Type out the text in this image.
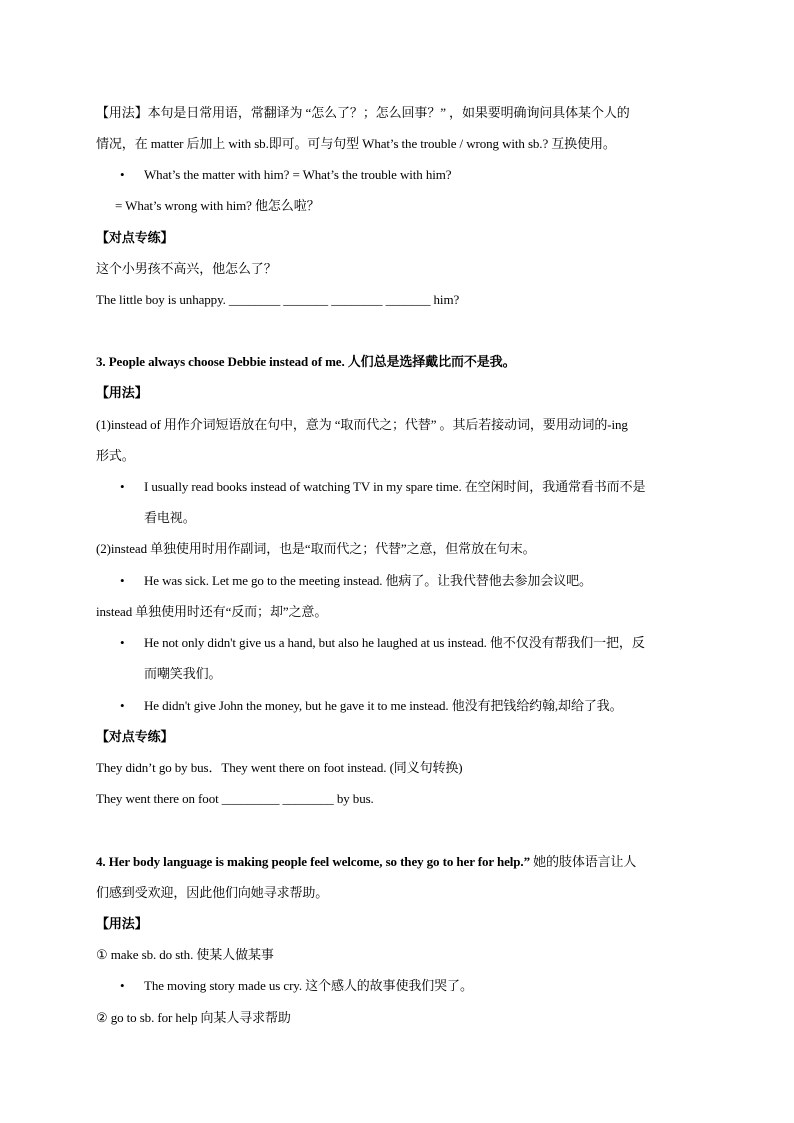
【用法】本句是日常用语，常翻译为 “怎么了？；怎么回事？” ，如果要明确询问具体某个人的
情况，在 matter 后加上 with sb.即可。可与句型 What’s the trouble / wrong with sb.? 互换使用。
• What’s the matter with him? = What’s the trouble with him?
= What’s wrong with him? 他怎么啦？
【对点专练】
这个小男孩不高兴，他怎么了？
The little boy is unhappy. ________ _______ ________ _______ him?
3. People always choose Debbie instead of me. 人们总是选择戴比而不是我。
【用法】
(1)instead of 用作介词短语放在句中，意为 “取而代之；代替” 。其后若接动词，要用动词的-ing
形式。
• I usually read books instead of watching TV in my spare time. 在空闲时间，我通常看书而不是
看电视。
(2)instead 单独使用时用作副词，也是“取而代之；代替”之意，但常放在句末。
• He was sick. Let me go to the meeting instead. 他病了。让我代替他去参加会议吧。
instead 单独使用时还有“反而；却”之意。
• He not only didn't give us a hand, but also he laughed at us instead. 他不仅没有帮我们一把，反
而嘲笑我们。
• He didn't give John the money, but he gave it to me instead. 他没有把钱给约翰,却给了我。
【对点专练】
They didn’t go by bus．They went there on foot instead. (同义句转换)
They went there on foot _________ ________ by bus.
4. Her body language is making people feel welcome, so they go to her for help.” 她的肢体语言让人
们感到受欢迎，因此他们向她寻求帮助。
【用法】
① make sb. do sth. 使某人做某事
• The moving story made us cry. 这个感人的故事使我们哭了。
② go to sb. for help 向某人寻求帮助
